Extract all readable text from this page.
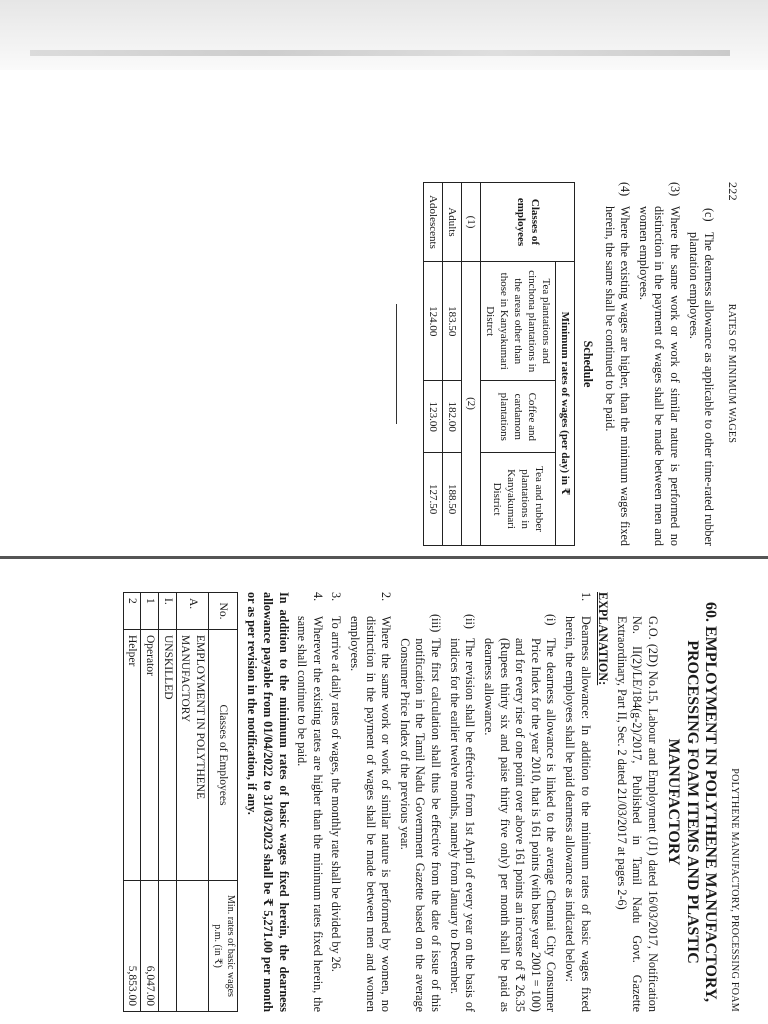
222
RATES OF MINIMUM WAGES
(c)
The dearness allowance as applicable to other time-rated rubber plantation employees.
(3)
Where the same work or work of similar nature is performed no distinction in the payment of wages shall be made between men and women employees.
(4)
Where the existing wages are higher, than the minimum wages fixed herein, the same shall be continued to be paid.
Schedule
Classes of employees	Minimum rates of wages (per day) in ₹		
	Tea plantations and cinchona plantations in the areas other than those in Kanyakumari Distrct	Coffee and cardamom plantations	Tea and rubber plantations in Kanyakumari District
(1)	(2)		
Adults	183.50	182.00	188.50
Adolescents	124.00	123.00	127.50
POLYTHENE MANUFACTORY, PROCESSING FOAM
60. EMPLOYMENT IN POLYTHENE MANUFACTORY, PROCESSING FOAM ITEMS AND PLASTIC MANUFACTORY
G.O. (2D) No.15, Labour and Employment (J1) dated 16/03/2017, Notification No. II(2)/LE/184(g-2)/2017, Published in Tamil Nadu Govt. Gazette Extraordinary, Part II, Sec. 2 dated 21/03/2017 at pages 2-6)
EXPLANATION:
1.
Dearness allowance: In addition to the minimum rates of basic wages fixed herein, the employees shall be paid dearness allowance as indicated below:
(i)
The dearness allowance is linked to the average Chennai City Consumer Price Index for the year 2010, that is 161 points (with base year 2001 = 100) and for every rise of one point over above 161 points an increase of ₹ 26.35 (Rupees thirty six and paise thirty five only) per month shall be paid as dearness allowance.
(ii)
The revision shall be effective from 1st April of every year on the basis of indices for the earlier twelve months, namely from January to December.
(iii)
The first calculation shall thus be effective from the date of issue of this notification in the Tamil Nadu Government Gazette based on the average Consumer Price Index of the previous year.
2.
Where the same work or work of similar nature is performed by women, no distinction in the payment of wages shall be made between men and women employees.
3.
To arrive at daily rates of wages, the monthly rate shall be divided by 26.
4.
Wherever the existing rates are higher than the minimum rates fixed herein, the same shall continue to be paid.
In addition to the minimum rates of basic wages fixed herein, the dearness allowance payable from 01/04/2022 to 31/03/2023 shall be ₹ 5,271.00 per month or as per revision in the notification, if any.
No.	Classes of Employees	Min. rates of basic wages p.m. (in ₹)
A.	EMPLOYMENT IN POLYTHENE MANUFACTORY	
I.	UNSKILLED	
1	Operator	6,047.00
2	Helper	5,853.00
